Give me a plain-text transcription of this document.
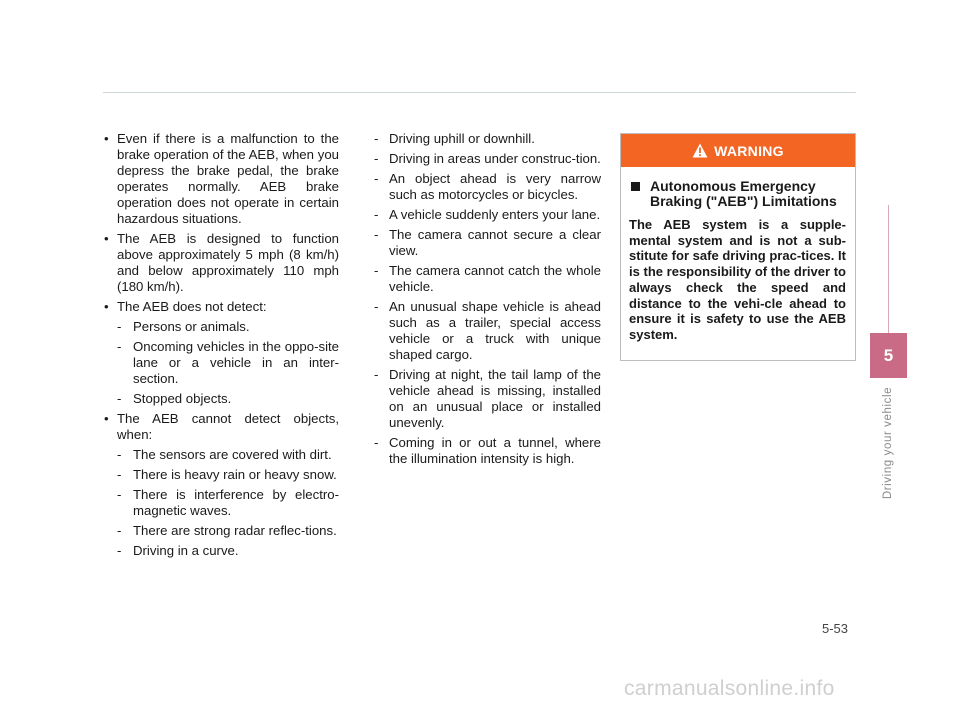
• Even if there is a malfunction to the brake operation of the AEB, when you depress the brake pedal, the brake operates normally. AEB brake operation does not operate in certain hazardous situations.
• The AEB is designed to function above approximately 5 mph (8 km/h) and below approximately 110 mph (180 km/h).
• The AEB does not detect:
- Persons or animals.
- Oncoming vehicles in the oppo-site lane or a vehicle in an inter-section.
- Stopped objects.
• The AEB cannot detect objects, when:
- The sensors are covered with dirt.
- There is heavy rain or heavy snow.
- There is interference by electro-magnetic waves.
- There are strong radar reflec-tions.
- Driving in a curve.
- Driving uphill or downhill.
- Driving in areas under construc-tion.
- An object ahead is very narrow such as motorcycles or bicycles.
- A vehicle suddenly enters your lane.
- The camera cannot secure a clear view.
- The camera cannot catch the whole vehicle.
- An unusual shape vehicle is ahead such as a trailer, special access vehicle or a truck with unique shaped cargo.
- Driving at night, the tail lamp of the vehicle ahead is missing, installed on an unusual place or installed unevenly.
- Coming in or out a tunnel, where the illumination intensity is high.
WARNING
Autonomous Emergency Braking ("AEB") Limitations
The AEB system is a supple-mental system and is not a sub-stitute for safe driving prac-tices. It is the responsibility of the driver to always check the speed and distance to the vehi-cle ahead to ensure it is safety to use the AEB system.
5
Driving your vehicle
5-53
carmanualsonline.info
